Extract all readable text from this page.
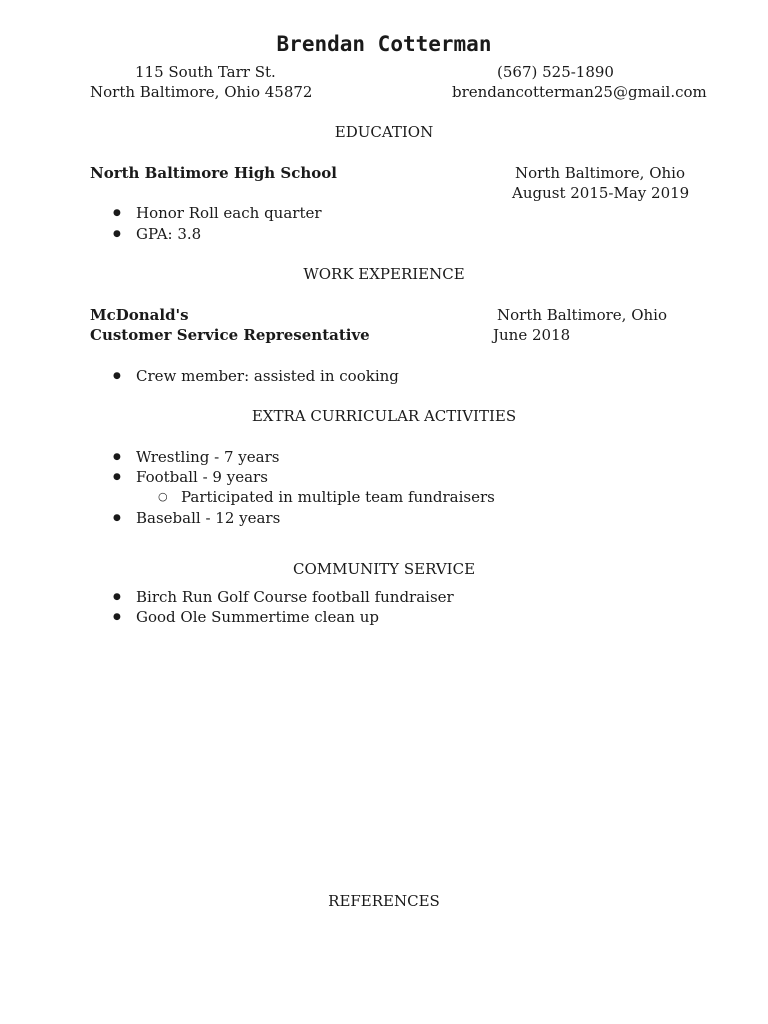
Brendan Cotterman
115 South Tarr St.
North Baltimore, Ohio 45872
(567) 525-1890
brendancotterman25@gmail.com
EDUCATION
North Baltimore High School	North Baltimore, Ohio
August 2015-May 2019
● Honor Roll each quarter
● GPA: 3.8
WORK EXPERIENCE
McDonald's
Customer Service Representative
North Baltimore, Ohio
June 2018
● Crew member: assisted in cooking
EXTRA CURRICULAR ACTIVITIES
● Wrestling - 7 years
● Football - 9 years
○ Participated in multiple team fundraisers
● Baseball - 12 years
COMMUNITY SERVICE
● Birch Run Golf Course football fundraiser
● Good Ole Summertime clean up
REFERENCES
